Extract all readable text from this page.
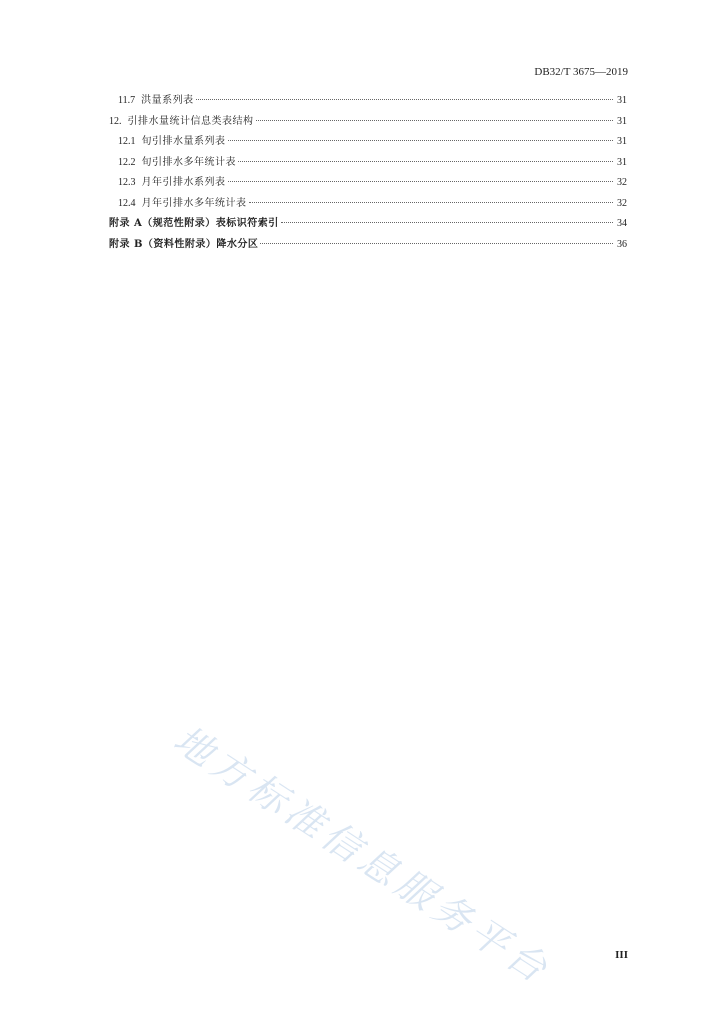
DB32/T 3675—2019
11.7 洪量系列表	31
12. 引排水量统计信息类表结构	31
12.1 旬引排水量系列表	31
12.2 旬引排水多年统计表	31
12.3 月年引排水系列表	32
12.4 月年引排水多年统计表	32
附录 A（规范性附录）表标识符索引	34
附录 B（资料性附录）降水分区	36
地方标准信息服务平台	III
